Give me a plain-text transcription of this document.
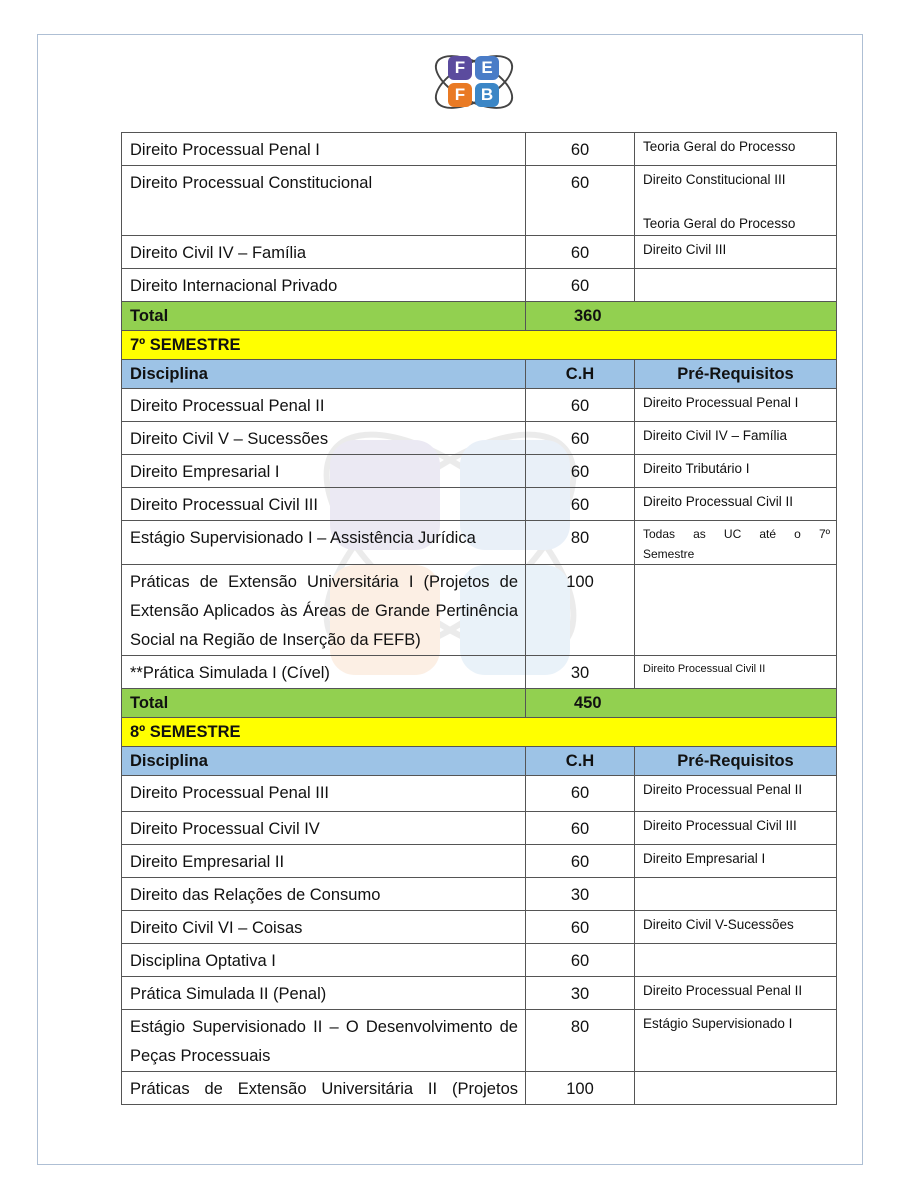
F E
F B
Direito Processual Penal I	60	Teoria Geral do Processo
Direito Processual Constitucional	60	Direito Constitucional III
Teoria Geral do Processo
Direito Civil IV – Família	60	Direito Civil III
Direito Internacional Privado	60	
Total	360	
7º SEMESTRE		
Disciplina	C.H	Pré-Requisitos
Direito Processual Penal II	60	Direito Processual Penal I
Direito Civil V – Sucessões	60	Direito Civil IV – Família
Direito Empresarial I	60	Direito Tributário I
Direito Processual Civil III	60	Direito Processual Civil II
Estágio Supervisionado I – Assistência Jurídica	80	Todas as UC até o 7º
Semestre
Práticas de Extensão Universitária I (Projetos de Extensão Aplicados às Áreas de Grande Pertinência Social na Região de Inserção da FEFB)	100	
**Prática Simulada I (Cível)	30	Direito Processual Civil II
Total	450	
8º SEMESTRE		
Disciplina	C.H	Pré-Requisitos
Direito Processual Penal III	60	Direito Processual Penal II
Direito Processual Civil IV	60	Direito Processual Civil III
Direito Empresarial II	60	Direito Empresarial I
Direito das Relações de Consumo	30	
Direito Civil VI – Coisas	60	Direito Civil V-Sucessões
Disciplina Optativa I	60	
Prática Simulada II (Penal)	30	Direito Processual Penal II
Estágio Supervisionado II – O Desenvolvimento de Peças Processuais	80	Estágio Supervisionado I
Práticas de Extensão Universitária II (Projetos	100	
